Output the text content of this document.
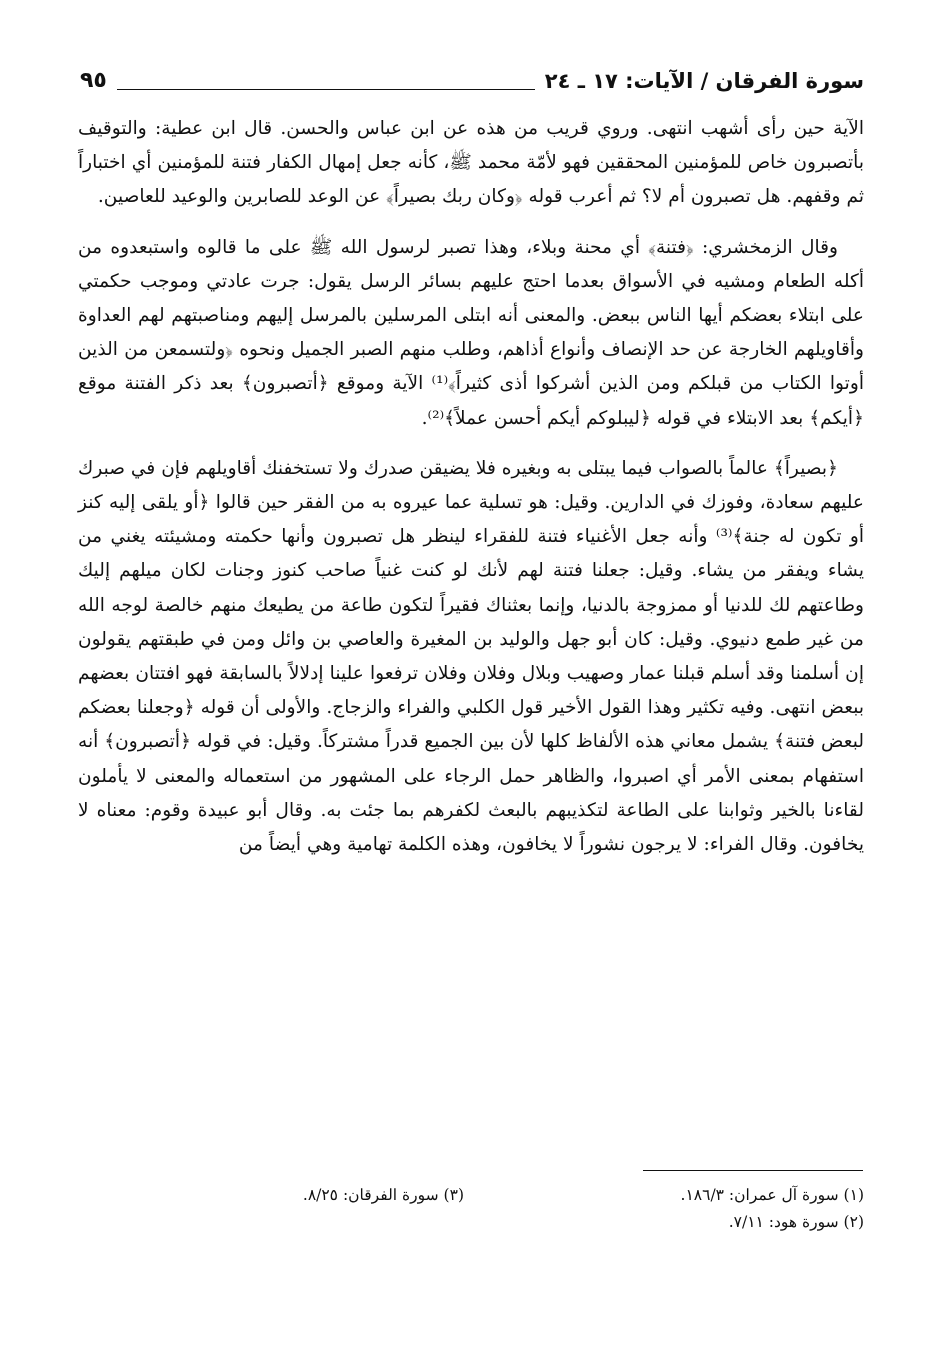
سورة الفرقان / الآيات: ١٧ ـ ٢٤
٩٥

الآية حين رأى أشهب انتهى. وروي قريب من هذه عن ابن عباس والحسن. قال ابن عطية: والتوقيف بأتصبرون خاص للمؤمنين المحققين فهو لأمّة محمد ﷺ، كأنه جعل إمهال الكفار فتنة للمؤمنين أي اختباراً ثم وقفهم. هل تصبرون أم لا؟ ثم أعرب قوله ﴿وكان ربك بصيراً﴾ عن الوعد للصابرين والوعيد للعاصين.

وقال الزمخشري: ﴿فتنة﴾ أي محنة وبلاء، وهذا تصبر لرسول الله ﷺ على ما قالوه واستبعدوه من أكله الطعام ومشيه في الأسواق بعدما احتج عليهم بسائر الرسل يقول: جرت عادتي وموجب حكمتي على ابتلاء بعضكم أيها الناس ببعض. والمعنى أنه ابتلى المرسلين بالمرسل إليهم ومناصبتهم لهم العداوة وأقاويلهم الخارجة عن حد الإنصاف وأنواع أذاهم، وطلب منهم الصبر الجميل ونحوه ﴿ولتسمعن من الذين أوتوا الكتاب من قبلكم ومن الذين أشركوا أذى كثيراً﴾⁽¹⁾ الآية وموقع ﴿أتصبرون﴾ بعد ذكر الفتنة موقع ﴿أيكم﴾ بعد الابتلاء في قوله ﴿ليبلوكم أيكم أحسن عملاً﴾⁽²⁾.

﴿بصيراً﴾ عالماً بالصواب فيما يبتلى به وبغيره فلا يضيقن صدرك ولا تستخفنك أقاويلهم فإن في صبرك عليهم سعادة، وفوزك في الدارين. وقيل: هو تسلية عما عيروه به من الفقر حين قالوا ﴿أو يلقى إليه كنز أو تكون له جنة﴾⁽³⁾ وأنه جعل الأغنياء فتنة للفقراء لينظر هل تصبرون وأنها حكمته ومشيئته يغني من يشاء ويفقر من يشاء. وقيل: جعلنا فتنة لهم لأنك لو كنت غنياً صاحب كنوز وجنات لكان ميلهم إليك وطاعتهم لك للدنيا أو ممزوجة بالدنيا، وإنما بعثناك فقيراً لتكون طاعة من يطيعك منهم خالصة لوجه الله من غير طمع دنيوي. وقيل: كان أبو جهل والوليد بن المغيرة والعاصي بن وائل ومن في طبقتهم يقولون إن أسلمنا وقد أسلم قبلنا عمار وصهيب وبلال وفلان وفلان ترفعوا علينا إدلالاً بالسابقة فهو افتتان بعضهم ببعض انتهى. وفيه تكثير وهذا القول الأخير قول الكلبي والفراء والزجاج. والأولى أن قوله ﴿وجعلنا بعضكم لبعض فتنة﴾ يشمل معاني هذه الألفاظ كلها لأن بين الجميع قدراً مشتركاً. وقيل: في قوله ﴿أتصبرون﴾ أنه استفهام بمعنى الأمر أي اصبروا، والظاهر حمل الرجاء على المشهور من استعماله والمعنى لا يأملون لقاءنا بالخير وثوابنا على الطاعة لتكذيبهم بالبعث لكفرهم بما جئت به. وقال أبو عبيدة وقوم: معناه لا يخافون. وقال الفراء: لا يرجون نشوراً لا يخافون، وهذه الكلمة تهامية وهي أيضاً من

(١) سورة آل عمران: ١٨٦/٣.
(٣) سورة الفرقان: ٨/٢٥.
(٢) سورة هود: ٧/١١.
